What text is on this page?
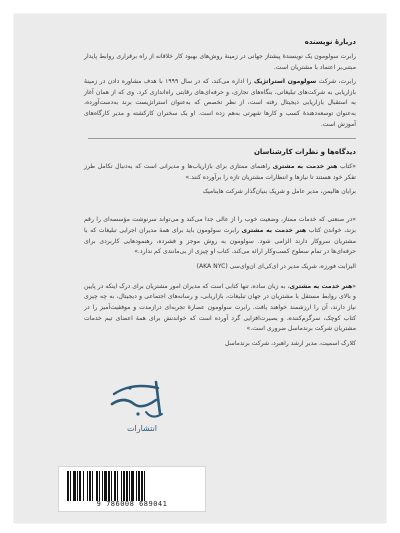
دربارهٔ نویسنده

رابرت سولومون یک نویسندهٔ پیشتاز جهانی در زمینهٔ روش‌های بهبود کار خلاقانه از راه برقراری روابط پایدار مبتنی‌بر اعتماد با مشتریان است.

رابرت، شرکت سولومون استراتژیک را اداره می‌کند، که در سال ۱۹۹۹ با هدف مشاوره دادن در زمینهٔ بازاریابی به شرکت‌های تبلیغاتی، بنگاه‌های تجاری، و حرفه‌ای‌های رقابتی راه‌اندازی کرد. وی که از همان آغاز به استقبال بازاریابی دیجیتال رفته است، از نظر تخصص که به‌عنوان استراتژیست برند به‌دست‌آورده، به‌عنوان توسعه‌دهندهٔ کسب و کارها شهرتی به‌هم زده است. او یک سخنران کارکشته و مدیر کارگاه‌های آموزش است.

دیدگاه‌ها و نظرات کارشناسان

«کتاب هنر خدمت به مشتری راهنمای ممتازی برای بازاریاب‌ها و مدیرانی است که به‌دنبال تکامل طرز تفکر خود هستند تا نیازها و انتظارات مشتریان تازه را برآورده کنند.»

برایان هالیمن، مدیر عامل و شریک بنیان‌گذار شرکت هاینامیک

«در صنعتی که خدمات ممتاز، وضعیت خوب را از عالی جدا می‌کند و می‌تواند سرنوشت مؤسسه‌ای را رقم بزند، خواندن کتاب هنر خدمت به مشتری رابرت سولومون باید برای همهٔ مدیران اجرایی تبلیغات که با مشتریان سروکار دارند الزامی شود. سولومون به روش موجز و فشرده، رهنمودهایی کاربردی برای حرفه‌ای‌ها در تمام سطوح کسب‌وکار ارائه می‌کند. کتاب او چیزی از بی‌مانندی کم ندارد.»

الیزابت فورزه، شریک مدیر در ای‌کی‌ای ان‌وای‌سی (AKA NYC)

«هنر خدمت به مشتری، به زبان ساده، تنها کتابی است که مدیران امور مشتریان برای درک اینکه در پایین و بالای روابط مستقل با مشتریان در جهان تبلیغات، بازاریابی، و رسانه‌های اجتماعی و دیجیتال، به چه چیزی نیاز دارند، آن را ارزشمند خواهند یافت. رابرت سولومون عصارهٔ تجربه‌ای درازمدت و موفقیت‌آمیز را در کتاب کوچک، سرگرم‌کننده، و بصیرت‌افزایی گرد آورده است که خواندنش برای همهٔ اعضای تیم خدمات مشتریان شرکت برندماسل ضروری است.»

کلارک اسمیت، مدیر ارشد راهبرد، شرکت برندماسل

انتشارات
مبلغان
9 786008 689041
